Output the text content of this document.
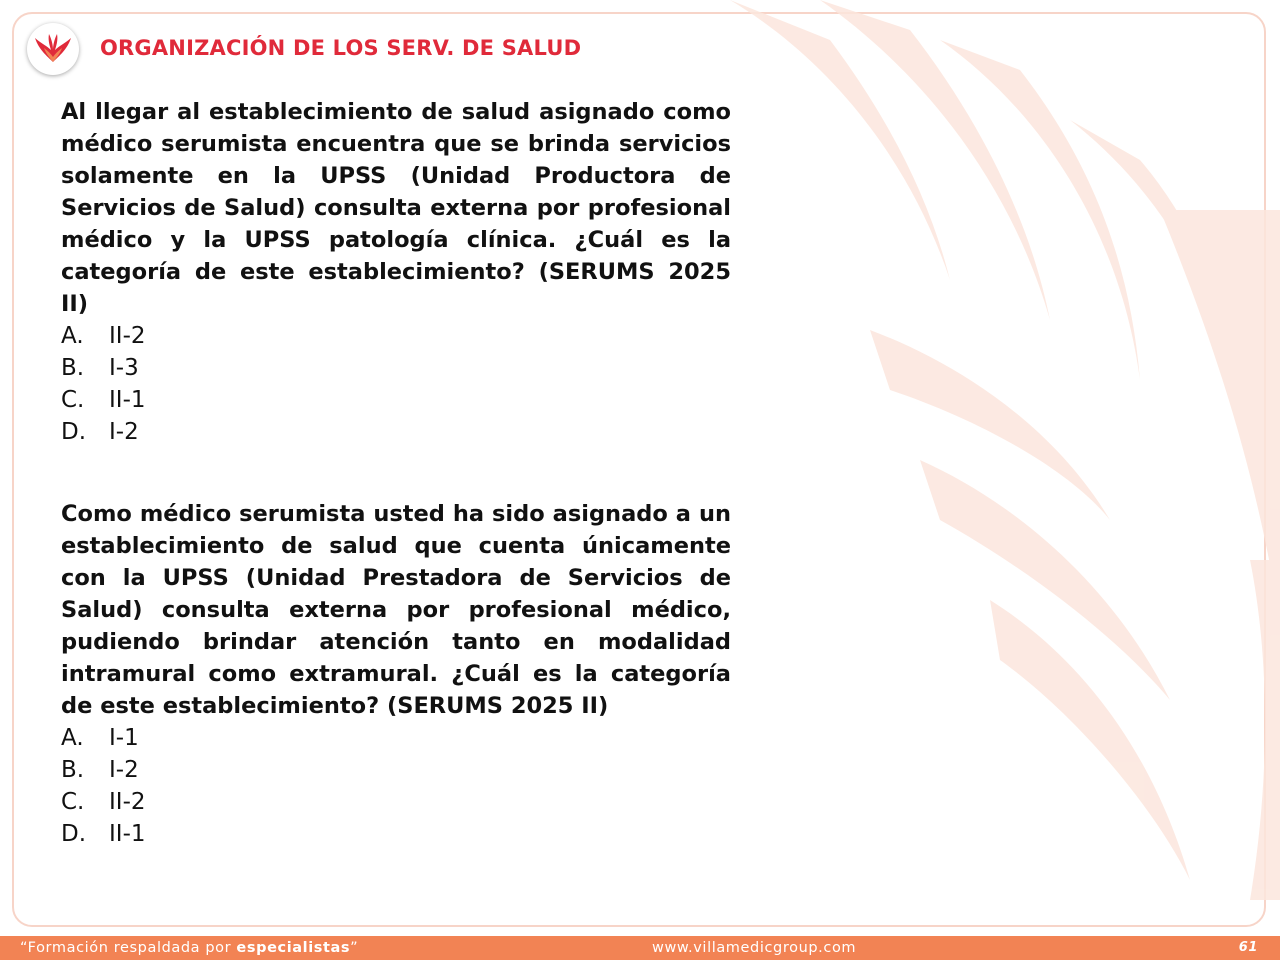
ORGANIZACIÓN DE LOS SERV. DE SALUD
Al llegar al establecimiento de salud asignado como médico serumista encuentra que se brinda servicios solamente en la UPSS (Unidad Productora de Servicios de Salud) consulta externa por profesional médico y la UPSS patología clínica. ¿Cuál es la categoría de este establecimiento? (SERUMS 2025 II)
A.	II-2
B.	I-3
C.	II-1
D. I-2
Como médico serumista usted ha sido asignado a un establecimiento de salud que cuenta únicamente con la UPSS (Unidad Prestadora de Servicios de Salud) consulta externa por profesional médico, pudiendo brindar atención tanto en modalidad intramural como extramural. ¿Cuál es la categoría de este establecimiento? (SERUMS 2025 II)
A.	I-1
B.	I-2
C.	II-2
D. II-1
“Formación respaldada por especialistas”	www.villamedicgroup.com	61
